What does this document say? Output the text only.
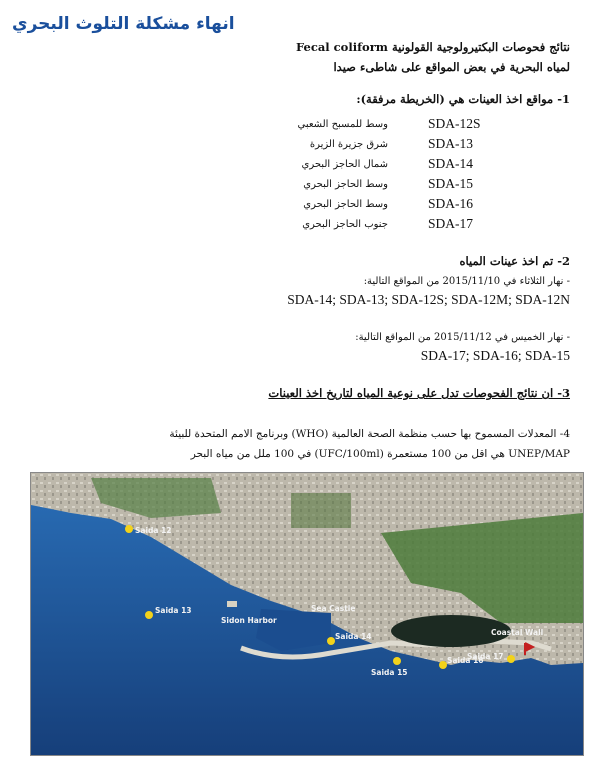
انهاء مشكلة التلوث البحري
نتائج فحوصات البكتيرولوجية القولونية Fecal coliform
لمياه البحرية في بعض المواقع على شاطىء صيدا
1- مواقع اخذ العينات هي (الخريطة مرفقة):
SDA-12S
وسط للمسبح الشعبي
SDA-13
شرق جزيرة الزيرة
SDA-14
شمال الحاجز البحري
SDA-15
وسط الحاجز البحري
SDA-16
وسط الحاجز البحري
SDA-17
جنوب الحاجز البحري
2- تم اخذ عينات المياه
- نهار الثلاثاء في 2015/11/10 من المواقع التالية:
SDA-14; SDA-13; SDA-12S; SDA-12M; SDA-12N
- نهار الخميس في 2015/11/12 من المواقع التالية:
SDA-17; SDA-16; SDA-15
3- ان نتائج الفحوصات تدل على نوعية المياه لتاريخ اخذ العينات
4- المعدلات المسموح بها حسب منظمة الصحة العالمية (WHO) وبرنامج الامم المتحدة للبيئة
UNEP/MAP هي اقل من 100 مستعمرة (UFC/100ml) في 100 ملل من مياه البحر
Saida 12
Saida 13
Sidon Harbor
Sea Castle
Saida 14
Saida 15
Saida 16
Saida 17
Coastal Wall
